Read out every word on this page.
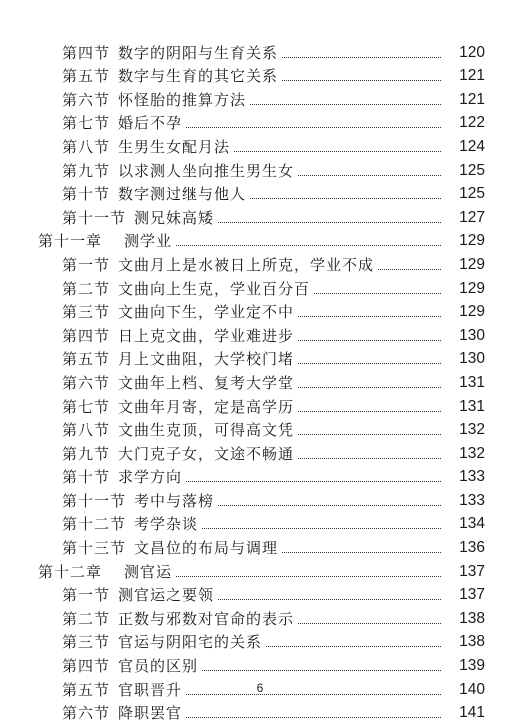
第四节 数字的阴阳与生育关系	120
第五节 数字与生育的其它关系	121
第六节 怀怪胎的推算方法	121
第七节 婚后不孕	122
第八节 生男生女配月法	124
第九节 以求测人坐向推生男生女	125
第十节 数字测过继与他人	125
第十一节 测兄妹高矮	127
第十一章 测学业	129
第一节 文曲月上是水被日上所克，学业不成	129
第二节 文曲向上生克，学业百分百	129
第三节 文曲向下生，学业定不中	129
第四节 日上克文曲，学业难进步	130
第五节 月上文曲阻，大学校门堵	130
第六节 文曲年上档、复考大学堂	131
第七节 文曲年月寄，定是高学历	131
第八节 文曲生克顶，可得高文凭	132
第九节 大门克子女，文途不畅通	132
第十节 求学方向	133
第十一节 考中与落榜	133
第十二节 考学杂谈	134
第十三节 文昌位的布局与调理	136
第十二章 测官运	137
第一节 测官运之要领	137
第二节 正数与邪数对官命的表示	138
第三节 官运与阴阳宅的关系	138
第四节 官员的区别	139
第五节 官职晋升	140
第六节 降职罢官	141
6
